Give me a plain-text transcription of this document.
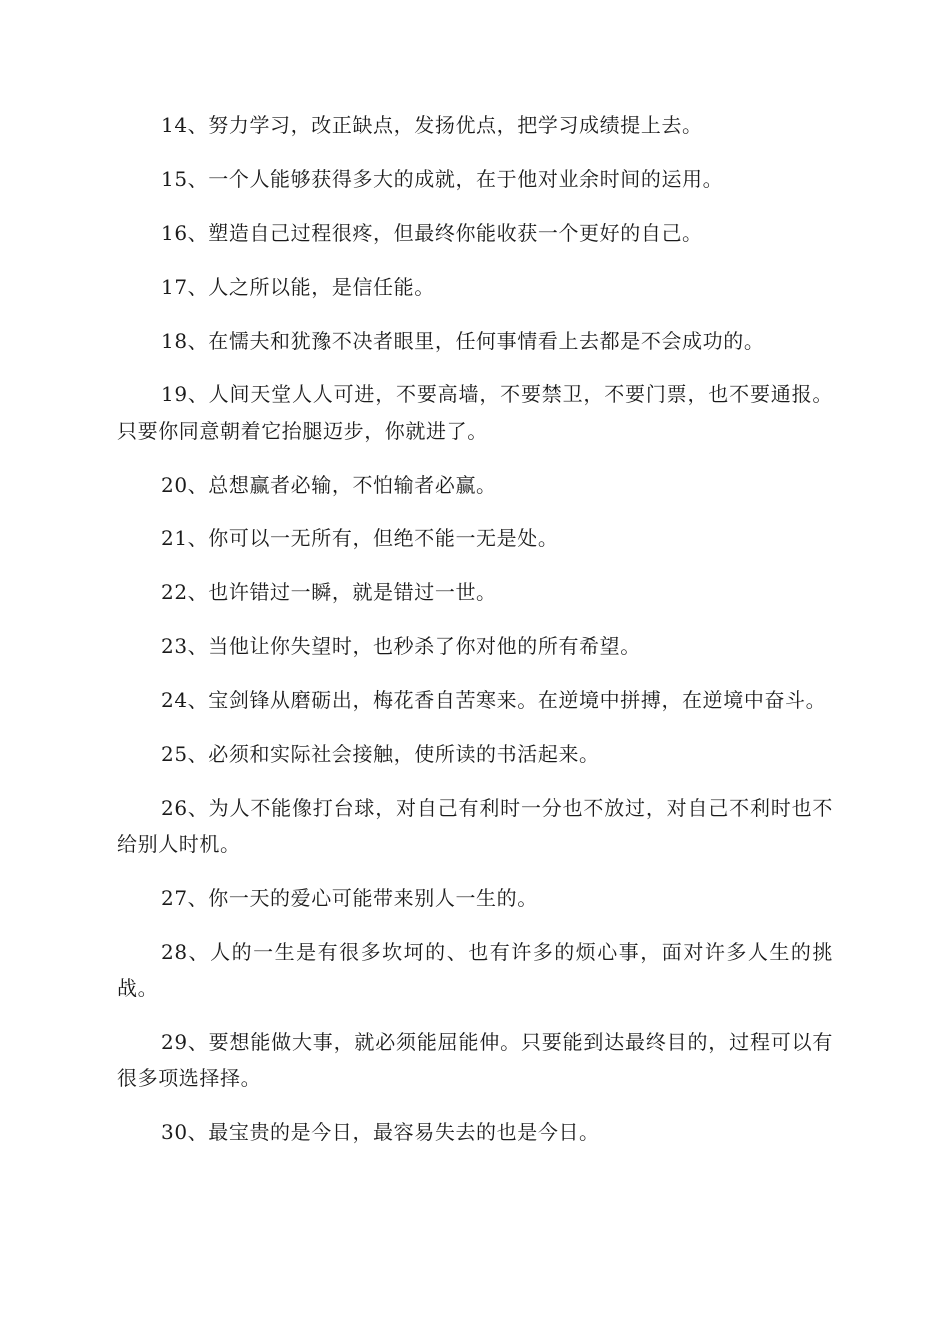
14、努力学习，改正缺点，发扬优点，把学习成绩提上去。

15、一个人能够获得多大的成就，在于他对业余时间的运用。

16、塑造自己过程很疼，但最终你能收获一个更好的自己。

17、人之所以能，是信任能。

18、在懦夫和犹豫不决者眼里，任何事情看上去都是不会成功的。

19、人间天堂人人可进，不要高墙，不要禁卫，不要门票，也不要通报。只要你同意朝着它抬腿迈步，你就进了。

20、总想赢者必输，不怕输者必赢。

21、你可以一无所有，但绝不能一无是处。

22、也许错过一瞬，就是错过一世。

23、当他让你失望时，也秒杀了你对他的所有希望。

24、宝剑锋从磨砺出，梅花香自苦寒来。在逆境中拼搏，在逆境中奋斗。

25、必须和实际社会接触，使所读的书活起来。

26、为人不能像打台球，对自己有利时一分也不放过，对自己不利时也不给别人时机。

27、你一天的爱心可能带来别人一生的。

28、人的一生是有很多坎坷的、也有许多的烦心事，面对许多人生的挑战。

29、要想能做大事，就必须能屈能伸。只要能到达最终目的，过程可以有很多项选择择。

30、最宝贵的是今日，最容易失去的也是今日。
